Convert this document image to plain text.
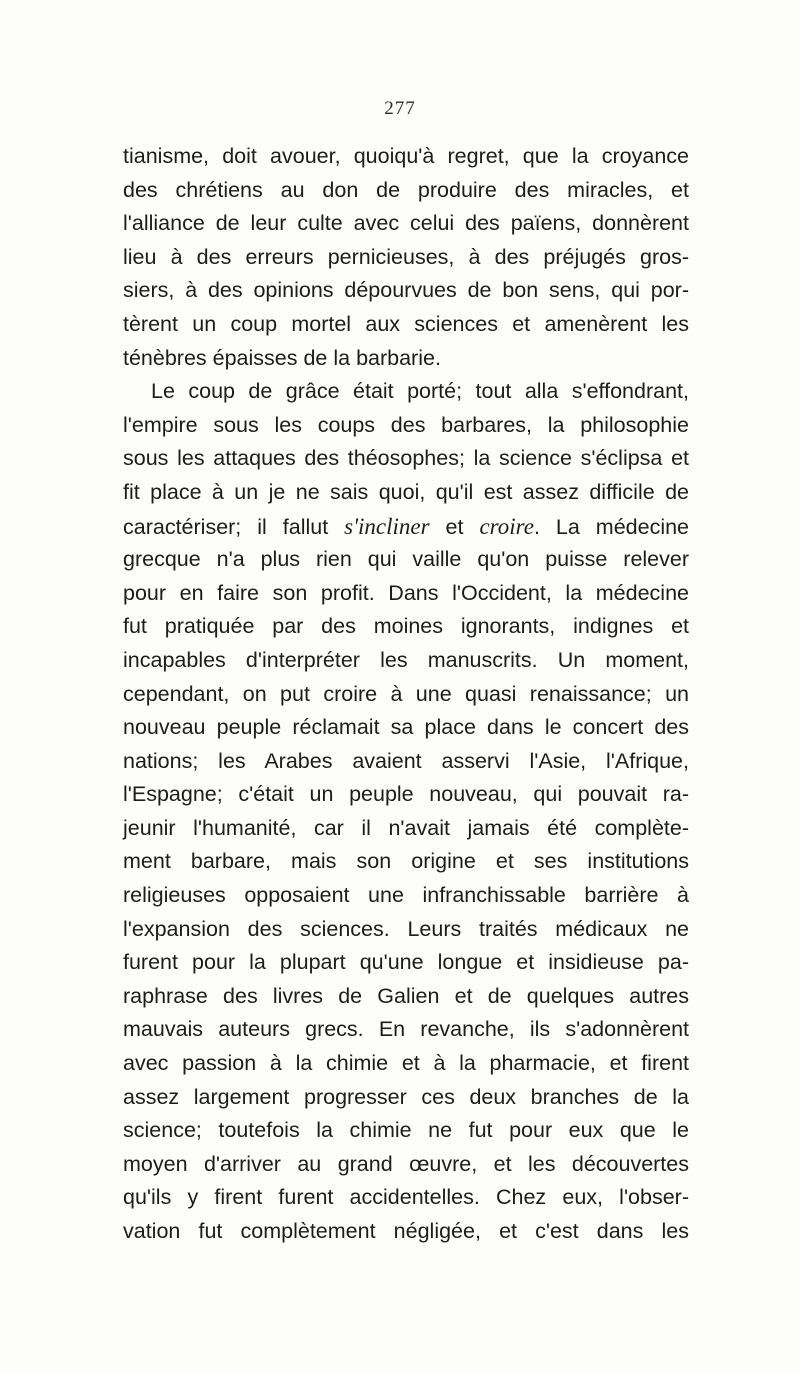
277
tianisme, doit avouer, quoiqu'à regret, que la croyance
des chrétiens au don de produire des miracles, et
l'alliance de leur culte avec celui des païens, donnèrent
lieu à des erreurs pernicieuses, à des préjugés gros-
siers, à des opinions dépourvues de bon sens, qui por-
tèrent un coup mortel aux sciences et amenèrent les
ténèbres épaisses de la barbarie.
Le coup de grâce était porté; tout alla s'effondrant,
l'empire sous les coups des barbares, la philosophie
sous les attaques des théosophes; la science s'éclipsa et
fit place à un je ne sais quoi, qu'il est assez difficile de
caractériser; il fallut s'incliner et croire. La médecine
grecque n'a plus rien qui vaille qu'on puisse relever
pour en faire son profit. Dans l'Occident, la médecine
fut pratiquée par des moines ignorants, indignes et
incapables d'interpréter les manuscrits. Un moment,
cependant, on put croire à une quasi renaissance; un
nouveau peuple réclamait sa place dans le concert des
nations; les Arabes avaient asservi l'Asie, l'Afrique,
l'Espagne; c'était un peuple nouveau, qui pouvait ra-
jeunir l'humanité, car il n'avait jamais été complète-
ment barbare, mais son origine et ses institutions
religieuses opposaient une infranchissable barrière à
l'expansion des sciences. Leurs traités médicaux ne
furent pour la plupart qu'une longue et insidieuse pa-
raphrase des livres de Galien et de quelques autres
mauvais auteurs grecs. En revanche, ils s'adonnèrent
avec passion à la chimie et à la pharmacie, et firent
assez largement progresser ces deux branches de la
science; toutefois la chimie ne fut pour eux que le
moyen d'arriver au grand œuvre, et les découvertes
qu'ils y firent furent accidentelles. Chez eux, l'obser-
vation fut complètement négligée, et c'est dans les
